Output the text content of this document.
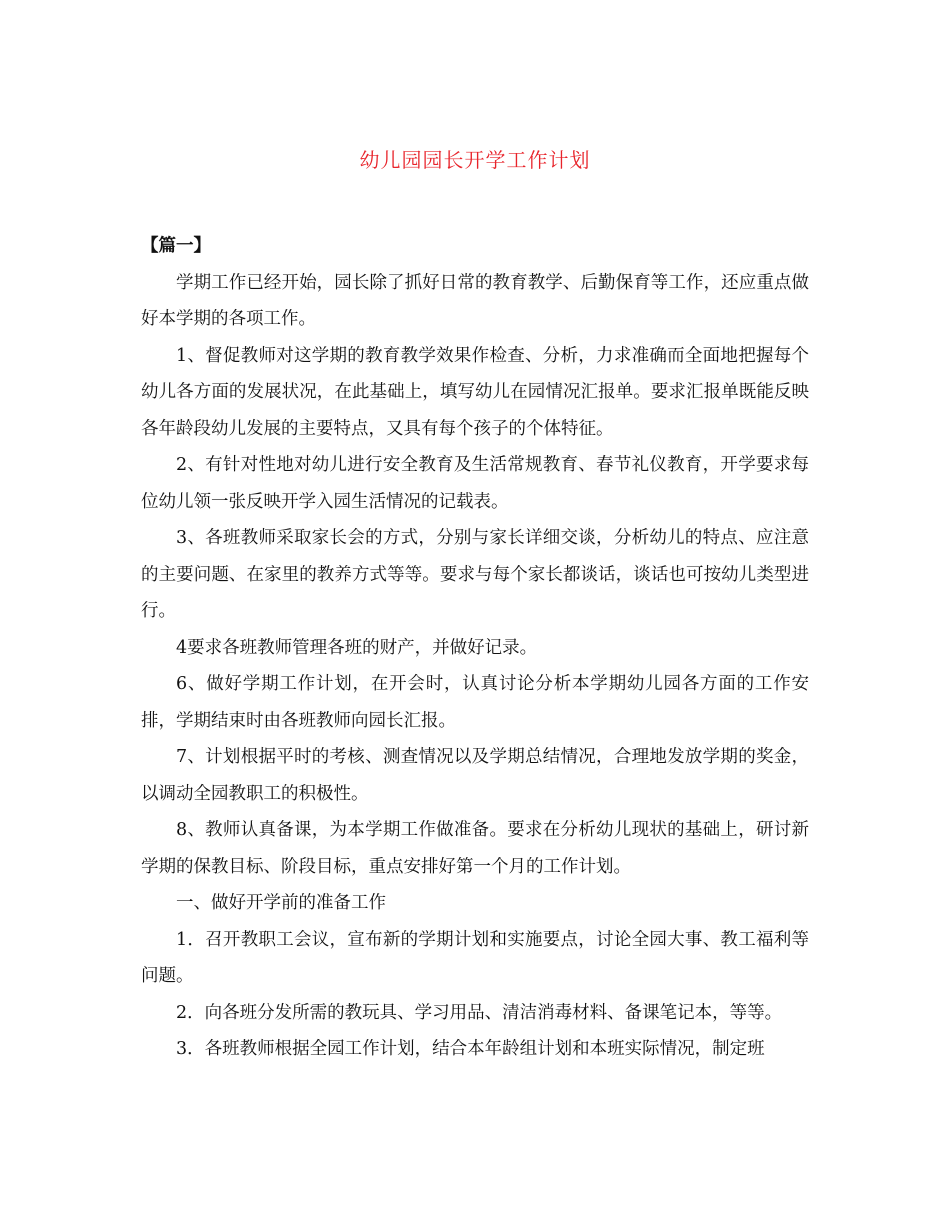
幼儿园园长开学工作计划

【篇一】

学期工作已经开始，园长除了抓好日常的教育教学、后勤保育等工作，还应重点做好本学期的各项工作。

1、督促教师对这学期的教育教学效果作检查、分析，力求准确而全面地把握每个幼儿各方面的发展状况，在此基础上，填写幼儿在园情况汇报单。要求汇报单既能反映各年龄段幼儿发展的主要特点，又具有每个孩子的个体特征。

2、有针对性地对幼儿进行安全教育及生活常规教育、春节礼仪教育，开学要求每位幼儿领一张反映开学入园生活情况的记载表。

3、各班教师采取家长会的方式，分别与家长详细交谈，分析幼儿的特点、应注意的主要问题、在家里的教养方式等等。要求与每个家长都谈话，谈话也可按幼儿类型进行。

4要求各班教师管理各班的财产，并做好记录。

6、做好学期工作计划，在开会时，认真讨论分析本学期幼儿园各方面的工作安排，学期结束时由各班教师向园长汇报。

7、计划根据平时的考核、测查情况以及学期总结情况，合理地发放学期的奖金，以调动全园教职工的积极性。

8、教师认真备课，为本学期工作做准备。要求在分析幼儿现状的基础上，研讨新学期的保教目标、阶段目标，重点安排好第一个月的工作计划。

一、做好开学前的准备工作

1．召开教职工会议，宣布新的学期计划和实施要点，讨论全园大事、教工福利等问题。

2．向各班分发所需的教玩具、学习用品、清洁消毒材料、备课笔记本，等等。

3．各班教师根据全园工作计划，结合本年龄组计划和本班实际情况，制定班
